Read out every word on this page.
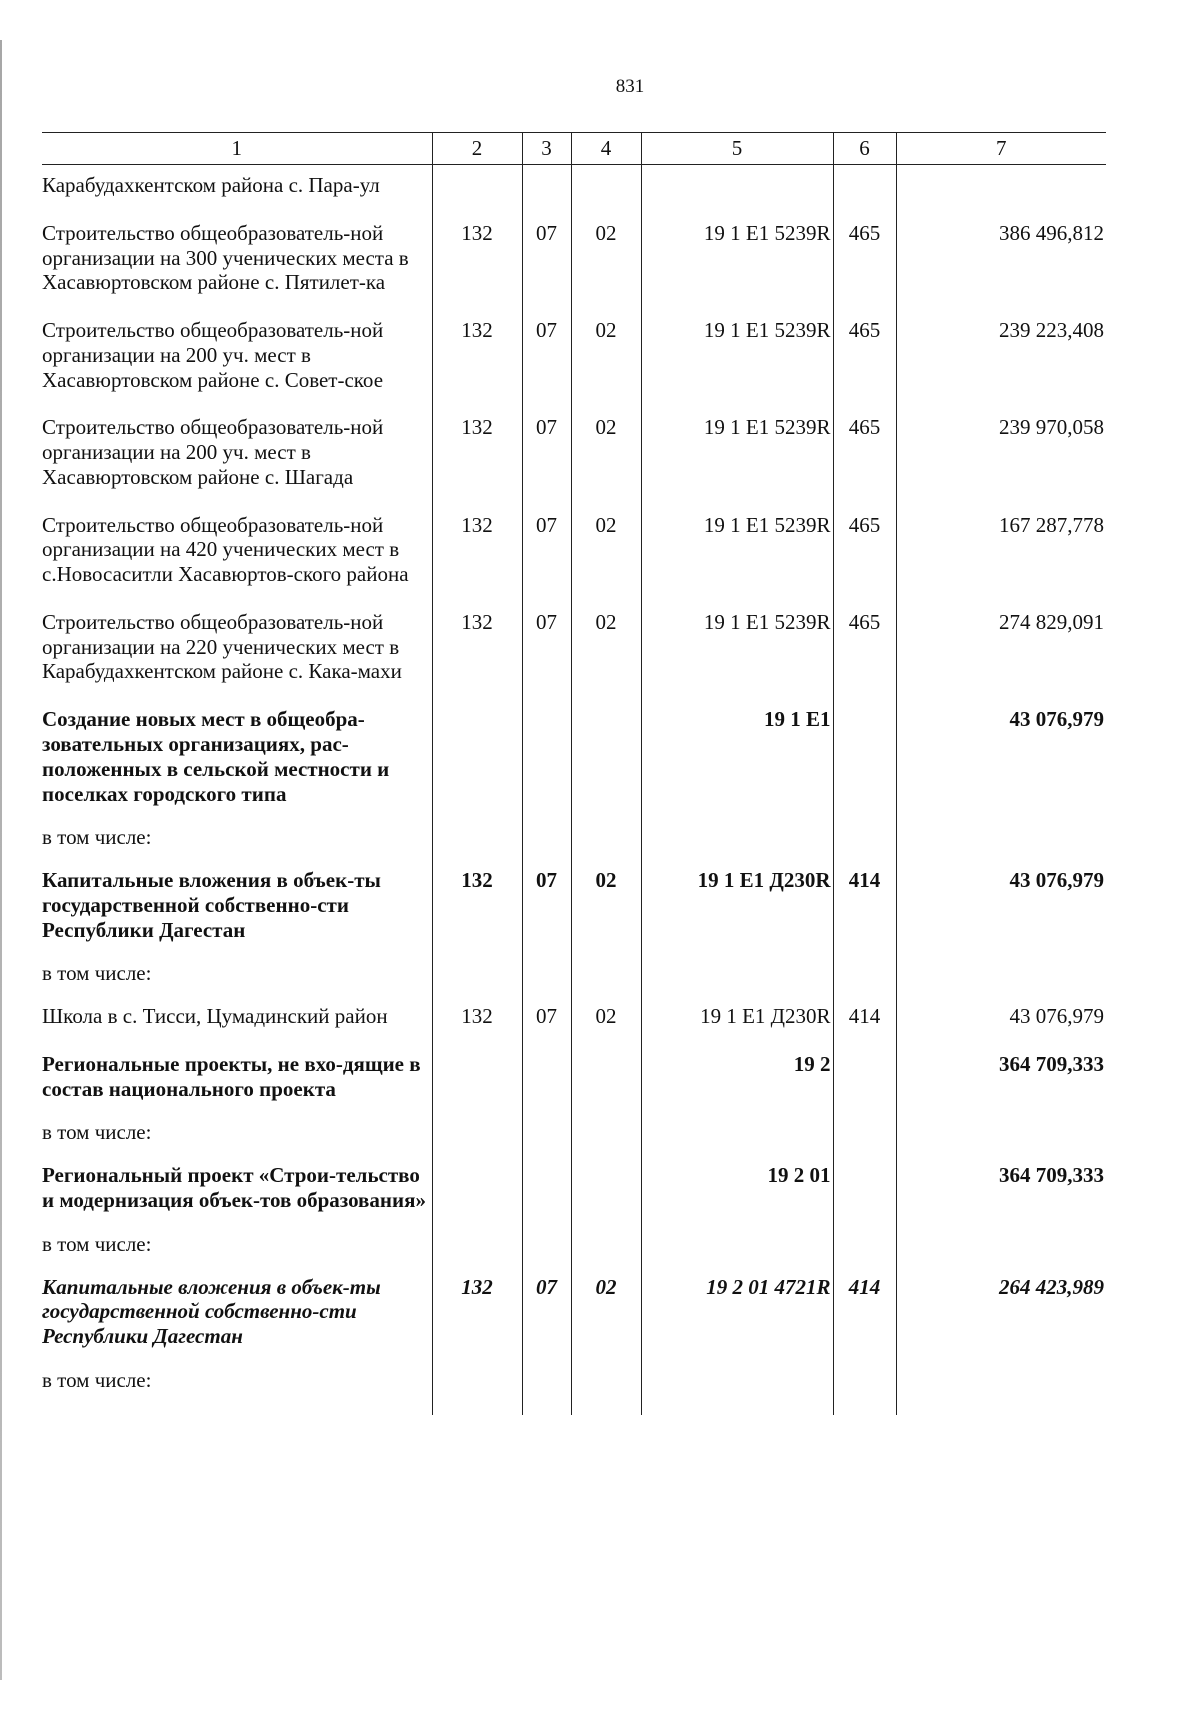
831
1	2	3	4	5	6	7
Карабудахкентском района с. Пара-ул						
Строительство общеобразователь-ной организации на 300 ученических места в Хасавюртовском районе с. Пятилет-ка	132	07	02	19 1 E1 5239R	465	386 496,812
Строительство общеобразователь-ной организации на 200 уч. мест в Хасавюртовском районе с. Совет-ское	132	07	02	19 1 E1 5239R	465	239 223,408
Строительство общеобразователь-ной организации на 200 уч. мест в Хасавюртовском районе с. Шагада	132	07	02	19 1 E1 5239R	465	239 970,058
Строительство общеобразователь-ной организации на 420 ученических мест в с.Новосаситли Хасавюртов-ского района	132	07	02	19 1 E1 5239R	465	167 287,778
Строительство общеобразователь-ной организации на 220 ученических мест в Карабудахкентском районе с. Кака-махи	132	07	02	19 1 E1 5239R	465	274 829,091
Создание новых мест в общеобра-зовательных организациях, рас-положенных в сельской местности и поселках городского типа				19 1 E1		43 076,979
в том числе:						
Капитальные вложения в объек-ты государственной собственно-сти Республики Дагестан	132	07	02	19 1 E1 Д230R	414	43 076,979
в том числе:						
Школа в с. Тисси, Цумадинский район	132	07	02	19 1 E1 Д230R	414	43 076,979
Региональные проекты, не вхо-дящие в состав национального проекта				19 2		364 709,333
в том числе:						
Региональный проект «Строи-тельство и модернизация объек-тов образования»				19 2 01		364 709,333
в том числе:						
Капитальные вложения в объек-ты государственной собственно-сти Республики Дагестан	132	07	02	19 2 01 4721R	414	264 423,989
в том числе:						
